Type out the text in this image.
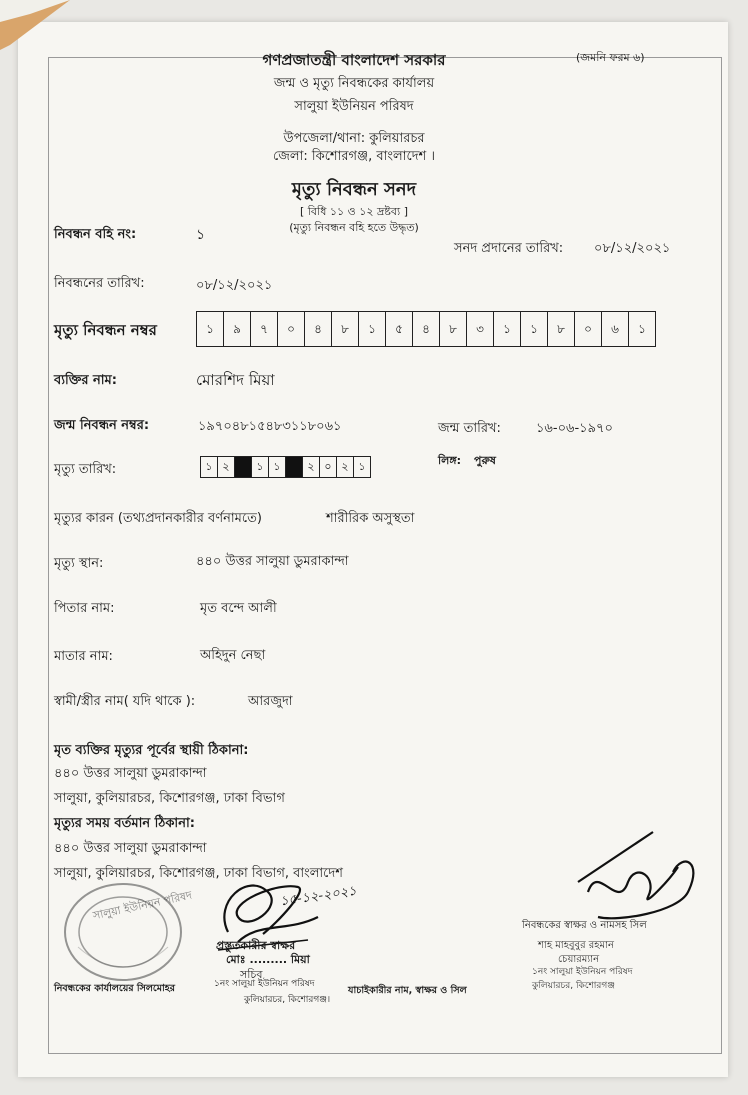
(জমনি ফরম ৬)
গণপ্রজাতন্ত্রী বাংলাদেশ সরকার
জন্ম ও মৃত্যু নিবন্ধকের কার্যালয়
সালুয়া ইউনিয়ন পরিষদ
উপজেলা/থানা: কুলিয়ারচর
জেলা: কিশোরগঞ্জ, বাংলাদেশ ।
মৃত্যু নিবন্ধন সনদ
[ বিধি ১১ ও ১২ দ্রষ্টব্য ]
(মৃত্যু নিবন্ধন বহি হতে উদ্ধৃত)
নিবন্ধন বহি নং:	১
সনদ প্রদানের তারিখ: ০৮/১২/২০২১
নিবন্ধনের তারিখ:	০৮/১২/২০২১
মৃত্যু নিবন্ধন নম্বর	১	৯	৭	০	৪	৮	১	৫	৪	৮	৩	১	১	৮	০	৬	১
ব্যক্তির নাম:	মোরশিদ মিয়া
জন্ম নিবন্ধন নম্বর:	১৯৭০৪৮১৫৪৮৩১১৮০৬১	জন্ম তারিখ:	১৬-০৬-১৯৭০
মৃত্যু তারিখ:	১ ২	১ ১	২ ০ ২ ১	লিঙ্গ: পুরুষ
মৃত্যুর কারন (তথ্যপ্রদানকারীর বর্ণনামতে)	শারীরিক অসুস্থতা
মৃত্যু স্থান:	৪৪০ উত্তর সালুয়া ডুমরাকান্দা
পিতার নাম:	মৃত বন্দে আলী
মাতার নাম:	অহিদুন নেছা
স্বামী/স্ত্রীর নাম( যদি থাকে ):	আরজুদা
মৃত ব্যক্তির মৃত্যুর পূর্বের স্থায়ী ঠিকানা:
৪৪০ উত্তর সালুয়া ডুমরাকান্দা
সালুয়া, কুলিয়ারচর, কিশোরগঞ্জ, ঢাকা বিভাগ
মৃত্যুর সময় বর্তমান ঠিকানা:
৪৪০ উত্তর সালুয়া ডুমরাকান্দা
সালুয়া, কুলিয়ারচর, কিশোরগঞ্জ, ঢাকা বিভাগ, বাংলাদেশ
সালুয়া ইউনিয়ন পরিষদ	১৫-১২-২০২১
প্রস্তুতকারীর স্বাক্ষর
মোঃ ......... মিয়া
সচিব
১নং সালুয়া ইউনিয়ন পরিষদ
কুলিয়ারচর, কিশোরগঞ্জ।
নিবন্ধকের কার্যালয়ের সিলমোহর	যাচাইকারীর নাম, স্বাক্ষর ও সিল
নিবন্ধকের স্বাক্ষর ও নামসহ সিল
শাহ মাহবুবুর রহমান
চেয়ারম্যান
১নং সালুয়া ইউনিয়ন পরিষদ
কুলিয়ারচর, কিশোরগঞ্জ
